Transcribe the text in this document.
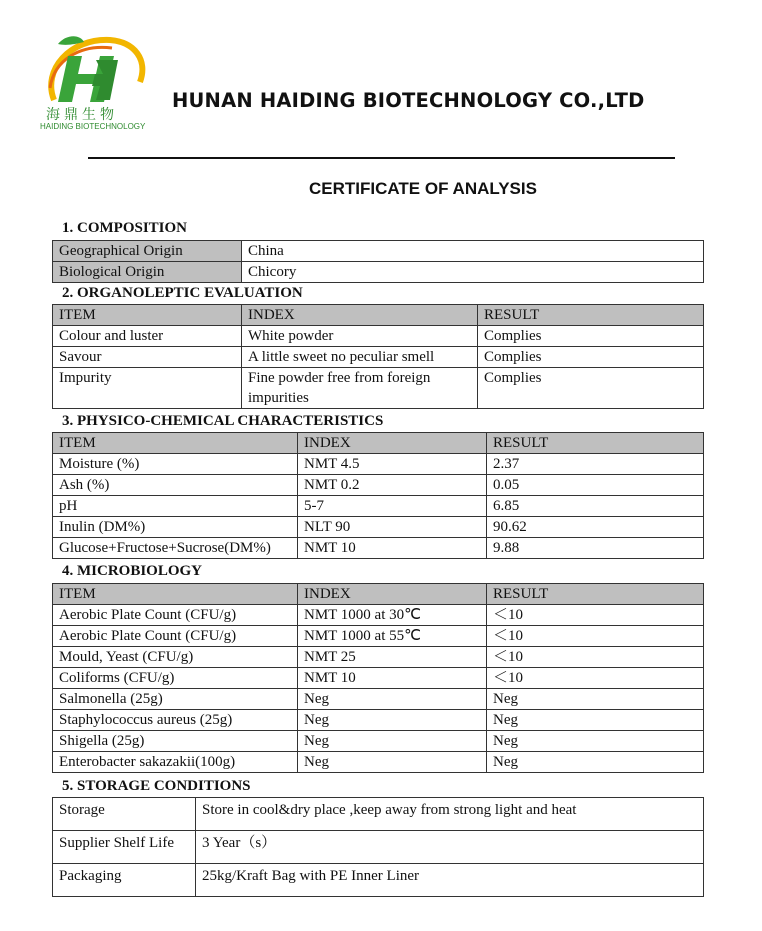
海鼎生物
HAIDING BIOTECHNOLOGY
HUNAN HAIDING BIOTECHNOLOGY CO.,LTD
CERTIFICATE OF ANALYSIS
1. COMPOSITION
Geographical Origin	China
Biological Origin	Chicory
2. ORGANOLEPTIC EVALUATION
ITEM	INDEX	RESULT
Colour and luster	White powder	Complies
Savour	A little sweet no peculiar smell	Complies
Impurity	Fine powder free from foreign impurities	Complies
3. PHYSICO-CHEMICAL CHARACTERISTICS
ITEM	INDEX	RESULT
Moisture (%)	NMT 4.5	2.37
Ash (%)	NMT 0.2	0.05
pH	5-7	6.85
Inulin (DM%)	NLT 90	90.62
Glucose+Fructose+Sucrose(DM%)	NMT 10	9.88
4. MICROBIOLOGY
ITEM	INDEX	RESULT
Aerobic Plate Count (CFU/g)	NMT 1000 at 30℃	＜10
Aerobic Plate Count (CFU/g)	NMT 1000 at 55℃	＜10
Mould, Yeast (CFU/g)	NMT 25	＜10
Coliforms (CFU/g)	NMT 10	＜10
Salmonella (25g)	Neg	Neg
Staphylococcus aureus (25g)	Neg	Neg
Shigella (25g)	Neg	Neg
Enterobacter sakazakii(100g)	Neg	Neg
5. STORAGE CONDITIONS
Storage	Store in cool&dry place ,keep away from strong light and heat
Supplier Shelf Life	3 Year（s）
Packaging	25kg/Kraft Bag with PE Inner Liner
